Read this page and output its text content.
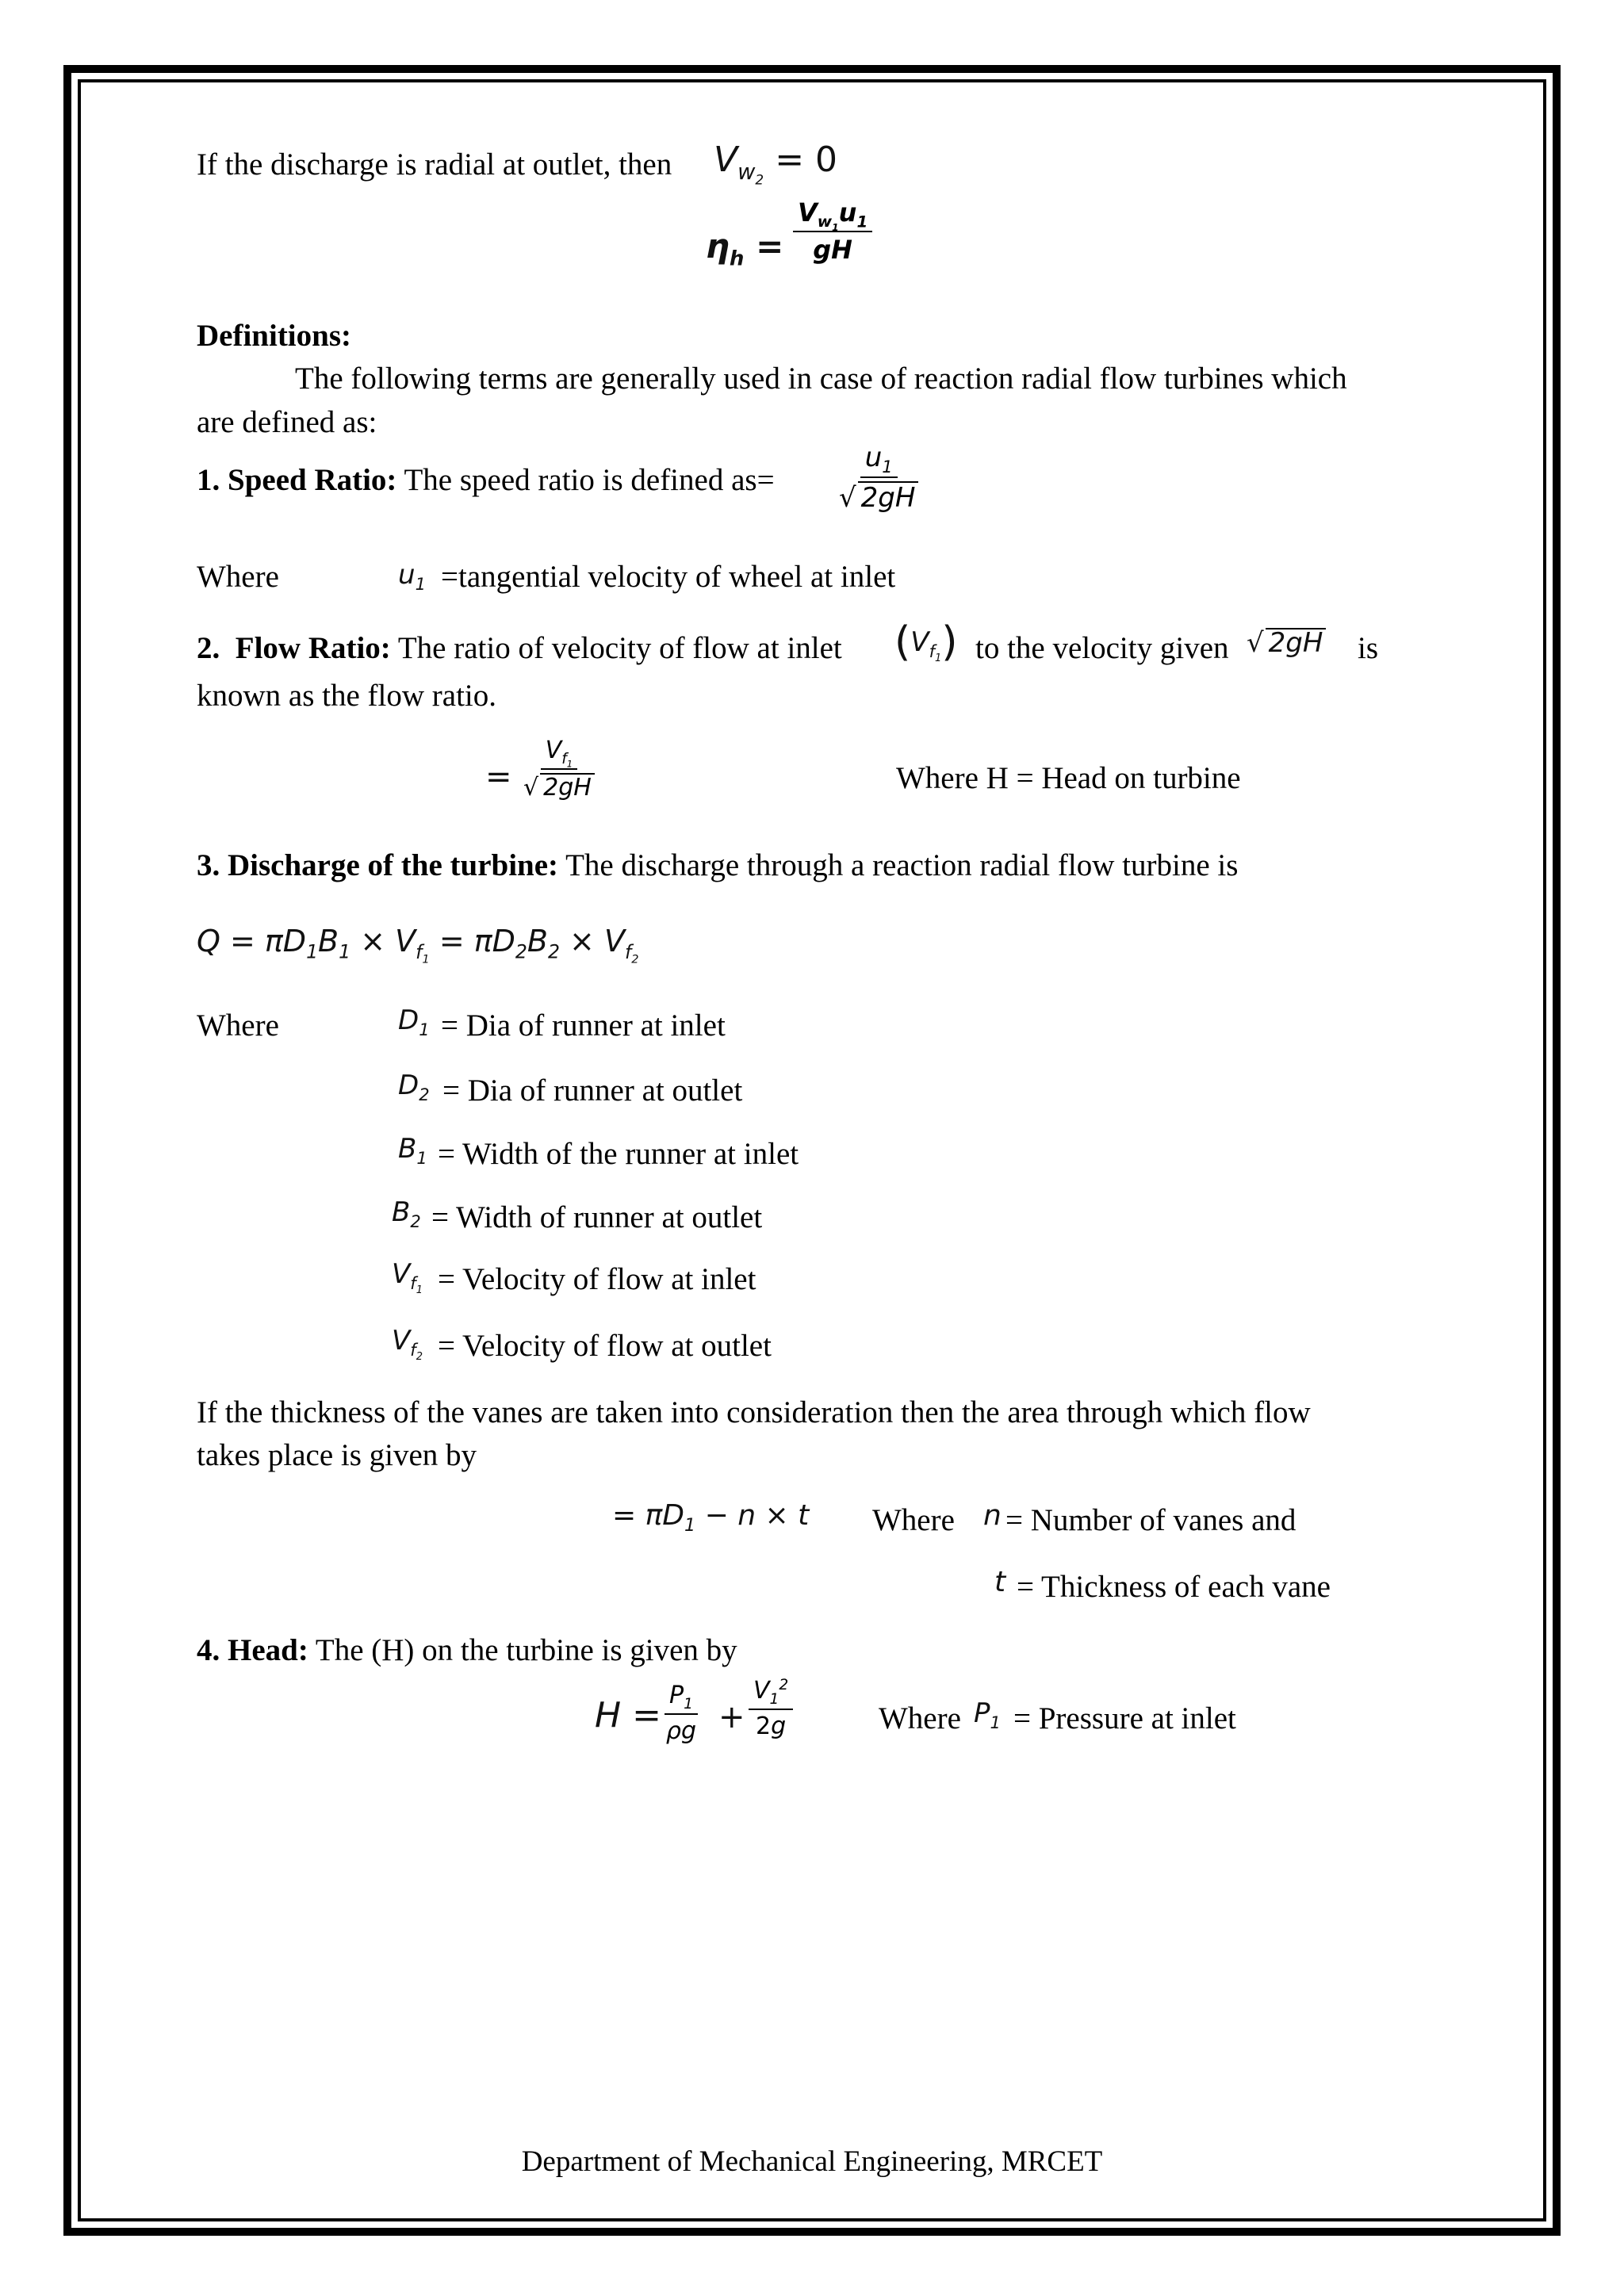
If the discharge is radial at outlet, then $V_{w_2} = 0$
$\eta_h = \frac{V_{w_1}u_1}{gH}$
Definitions:
The following terms are generally used in case of reaction radial flow turbines which
are defined as:
1. Speed Ratio: The speed ratio is defined $as= \frac{u_1}{√ 2gH}$
Where	$u_1$ =tangential velocity of wheel at inlet
2. Flow Ratio: The ratio of velocity of flow at inlet $(V_{f_1})$ to the velocity given √ 2gH is
known as the flow ratio.
= $\frac{V_{f_1}}{√ 2gH}$	Where H = Head on turbine
3. Discharge of the turbine: The discharge through a reaction radial flow turbine is
$Q = \pi D_1B_1 \times V_{f_1} = \pi D_2B_2 \times V_{f_2}$
Where	$D_1$ = Dia of runner at inlet
$D_2$ = Dia of runner at outlet
$B_1$ = Width of the runner at inlet
$B_2$ = Width of runner at outlet
$V_{f_1}$ = Velocity of flow at inlet
$V_{f_2}$ = Velocity of flow at outlet
If the thickness of the vanes are taken into consideration then the area through which flow
takes place is given by
= $\pi D_1 - n \times t$ Where n = Number of vanes and
t = Thickness of each vane
4. Head: The (H) on the turbine is given by
$H = \frac{P_1}{\rho g} + \frac{V_1^2}{2g}$	Where $P_1$ = Pressure at inlet
Department of Mechanical Engineering, MRCET
